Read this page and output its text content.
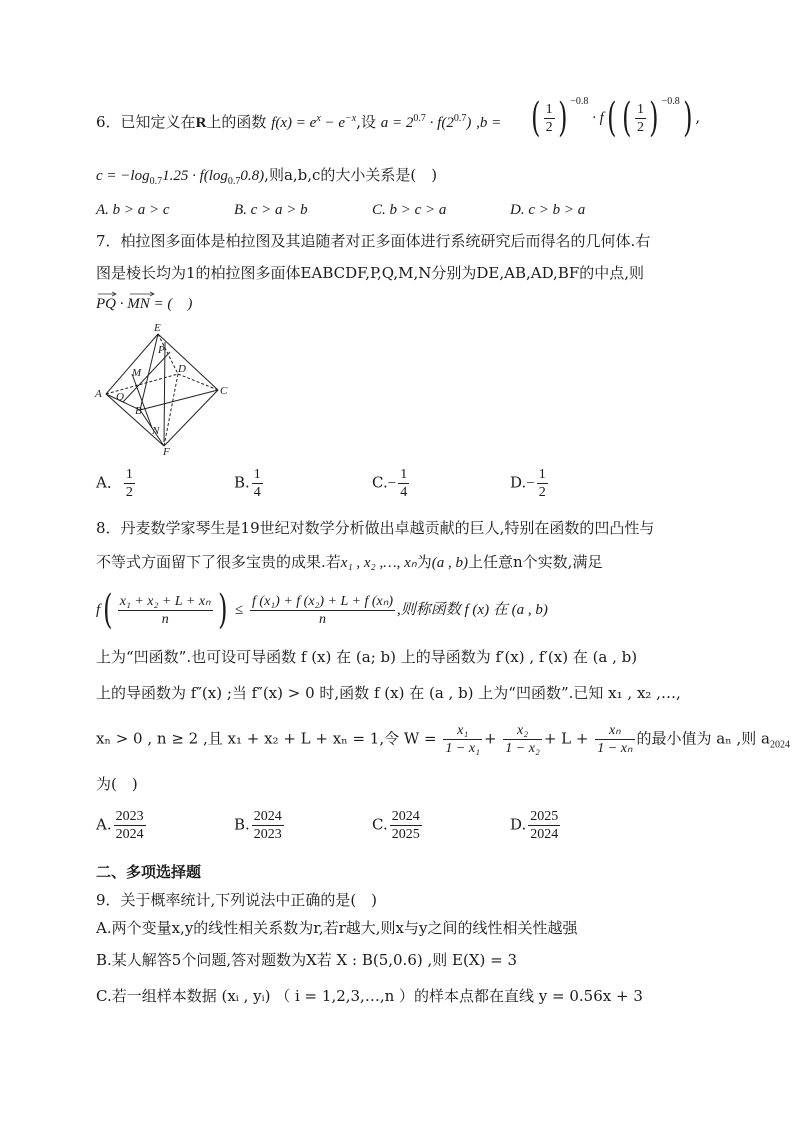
6．已知定义在R上的函数 $f(x) = e^x - e^{-x}$,设 $a = 2^{0.7} \cdot f(2^{0.7}) ,b$ = ( $\frac{1}{2}$ ) $^{-0.8}$ · f( ( $\frac{1}{2}$ ) $^{-0.8}$) ,
$c = -\log_{0.7}1.25 \cdot f(\log_{0.7}0.8)$,则a,b,c的大小关系是(　)
A. b > a > c	B. c > a > b	C. b > c > a	D. c > b > a
7．柏拉图多面体是柏拉图及其追随者对正多面体进行系统研究后而得名的几何体.右
图是棱长均为1的柏拉图多面体EABCDF,P,Q,M,N分别为DE,AB,AD,BF的中点,则
PQ · MN = (　)
E
P
M	D
A Q
B
C
N
F
A． $\frac{1}{2}$	B. $\frac{1}{4}$	$C.- \frac{1}{4}$	$D.- \frac{1}{2}$
8．丹麦数学家琴生是19世纪对数学分析做出卓越贡献的巨人,特别在函数的凹凸性与
不等式方面留下了很多宝贵的成果.若x₁ , x₂ ,…, xₙ为(a , b)上任意n个实数,满足
$f( \frac{\text{x₁ + x₂ + L + xₙ}}{n}$ ) ≤ $\frac{\text{f (x₁) + f (x₂) + L + f (xₙ)}}{n}$ ,则称函数 f (x) 在 (a , b)
上为“凹函数”.也可设可导函数 f (x) 在 (a; b) 上的导函数为 f′(x) , f′(x) 在 (a , b)
上的导函数为 f″(x) ;当 f″(x) > 0 时,函数 f (x) 在 (a , b) 上为“凹函数”.已知 x₁ , x₂ ,…,
xₙ > 0 , n ≥ 2 ,且 x₁ + x₂ + L + xₙ = 1,令 $W = \frac{\text{x₁}}{\text{1 − x₁}} + \frac{\text{x₂}}{\text{1 − x₂}} + L + \frac{\text{xₙ}}{\text{1 − xₙ}}$ 的最小值为 aₙ ,则 $a_{2024}$
为(　)
A. $\frac{2023}{2024}$	B. $\frac{2024}{2023}$	C. $\frac{2024}{2025}$	D. $\frac{2025}{2024}$
二、多项选择题
9．关于概率统计,下列说法中正确的是(　)
A.两个变量x,y的线性相关系数为r,若r越大,则x与y之间的线性相关性越强
B.某人解答5个问题,答对题数为X若 X : B(5,0.6) ,则 E(X) = 3
C.若一组样本数据 (xᵢ , yᵢ) （ i = 1,2,3,…,n ）的样本点都在直线 y = 0.56x + 3
